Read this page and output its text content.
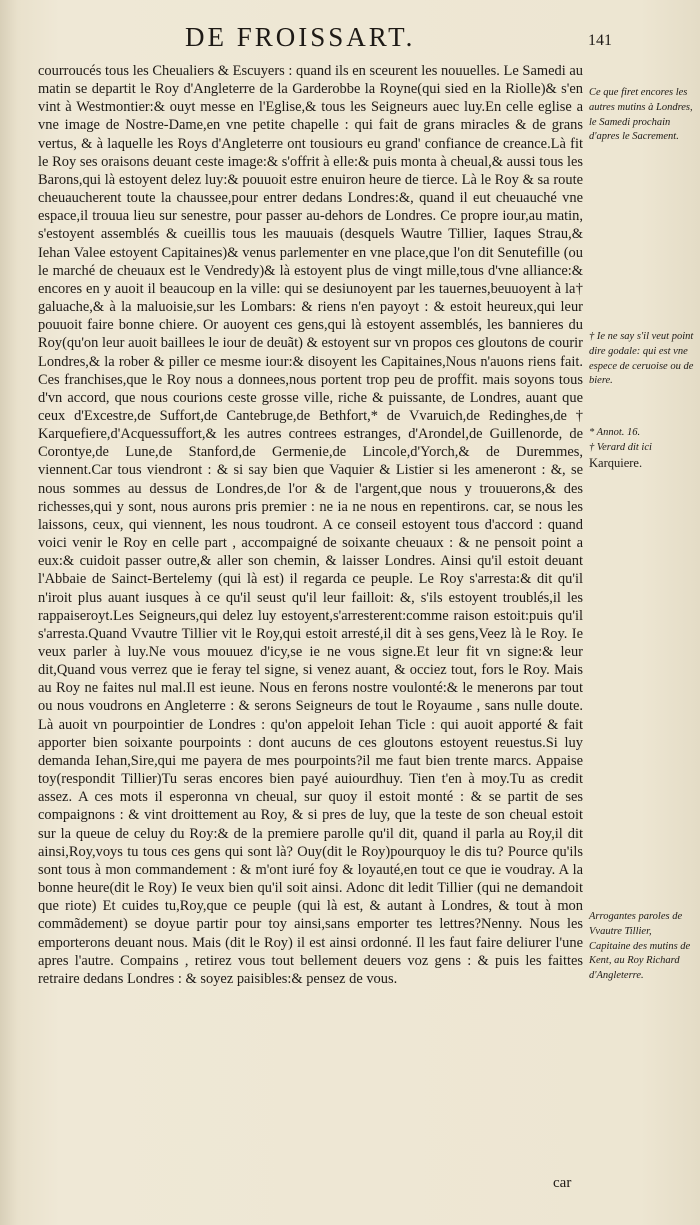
DE FROISSART.	141

courroucés tous les Cheualiers & Escuyers : quand ils en sceurent les nouuelles. Le Samedi au matin se departit le Roy d'Angleterre de la Garderobbe la Royne(qui sied en la Riolle)& s'en vint à Westmontier:& ouyt messe en l'Eglise,& tous les Seigneurs auec luy.En celle eglise a vne image de Nostre-Dame,en vne petite chapelle : qui fait de grans miracles & de grans vertus, & à laquelle les Roys d'Angleterre ont tousiours eu grand' confiance de creance.Là fit le Roy ses oraisons deuant ceste image:& s'offrit à elle:& puis monta à cheual,& aussi tous les Barons,qui là estoyent delez luy:& pouuoit estre enuiron heure de tierce. Là le Roy & sa route cheuaucherent toute la chaussee,pour entrer dedans Londres:&, quand il eut cheuauché vne espace,il trouua lieu sur senestre, pour passer au-dehors de Londres. Ce propre iour,au matin, s'estoyent assemblés & cueillis tous les mauuais (desquels Wautre Tillier, Iaques Strau,& Iehan Valee estoyent Capitaines)& venus parlementer en vne place,que l'on dit Senutefille (ou le marché de cheuaux est le Vendredy)& là estoyent plus de vingt mille,tous d'vne alliance:& encores en y auoit il beaucoup en la ville: qui se desiunoyent par les tauernes,beuuoyent à la† galuache,& à la maluoisie,sur les Lombars: & riens n'en payoyt : & estoit heureux,qui leur pouuoit faire bonne chiere. Or auoyent ces gens,qui là estoyent assemblés, les bannieres du Roy(qu'on leur auoit baillees le iour de deuãt) & estoyent sur vn propos ces gloutons de courir Londres,& la rober & piller ce mesme iour:& disoyent les Capitaines,Nous n'auons riens fait. Ces franchises,que le Roy nous a donnees,nous portent trop peu de proffit. mais soyons tous d'vn accord, que nous courions ceste grosse ville, riche & puissante, de Londres, auant que ceux d'Excestre,de Suffort,de Cantebruge,de Bethfort,* de Vvaruich,de Redinghes,de † Karquefiere,d'Acquessuffort,& les autres contrees estranges, d'Arondel,de Guillenorde, de Corontye,de Lune,de Stanford,de Germenie,de Lincole,d'Yorch,& de Duremmes, viennent.Car tous viendront : & si say bien que Vaquier & Listier si les amenеront : &, se nous sommes au dessus de Londres,de l'or & de l'argent,que nous y trouuerons,& des richesses,qui y sont, nous aurons pris premier : ne ia ne nous en repentirons. car, se nous les laissons, ceux, qui viennent, les nous toudront. A ce conseil estoyent tous d'accord : quand voici venir le Roy en celle part , accompaigné de soixante cheuaux : & ne pensoit point a eux:& cuidoit passer outre,& aller son chemin, & laisser Londres. Ainsi qu'il estoit deuant l'Abbaie de Sainct-Bertelemy (qui là est) il regarda ce peuple. Le Roy s'arresta:& dit qu'il n'iroit plus auant iusques à ce qu'il seust qu'il leur failloit: &, s'ils estoyent troublés,il les rappaiseroyt.Les Seigneurs,qui delez luy estoyent,s'arresterent:comme raison estoit:puis qu'il s'arresta.Quand Vvautre Tillier vit le Roy,qui estoit arresté,il dit à ses gens,Veez là le Roy. Ie veux parler à luy.Ne vous mouuez d'icy,se ie ne vous signe.Et leur fit vn signe:& leur dit,Quand vous verrez que ie feray tel signe, si venez auant, & occiez tout, fors le Roy. Mais au Roy ne faites nul mal.Il est ieune. Nous en ferons nostre voulonté:& le menerons par tout ou nous voudrons en Angleterre : & serons Seigneurs de tout le Royaume , sans nulle doute. Là auoit vn pourpointier de Londres : qu'on appeloit Iehan Ticle : qui auoit apporté & fait apporter bien soixante pourpoints : dont aucuns de ces gloutons estoyent reuestus.Si luy demanda Iehan,Sire,qui me payera de mes pourpoints?il me faut bien trente marcs. Appaise toy(respondit Tillier)Tu seras encores bien payé auiourdhuy. Tien t'en à moy.Tu as credit assez. A ces mots il esperonna vn cheual, sur quoy il estoit monté : & se partit de ses compaignons : & vint droittement au Roy, & si pres de luy, que la teste de son cheual estoit sur la queue de celuy du Roy:& de la premiere parolle qu'il dit, quand il parla au Roy,il dit ainsi,Roy,voys tu tous ces gens qui sont là? Ouy(dit le Roy)pourquoy le dis tu? Pource qu'ils sont tous à mon commandement : & m'ont iuré foy & loyauté,en tout ce que ie voudray. A la bonne heure(dit le Roy) Ie veux bien qu'il soit ainsi. Adonc dit ledit Tillier (qui ne demandoit que riote) Et cuides tu,Roy,que ce peuple (qui là est, & autant à Londres, & tout à mon commãdement) se doyue partir pour toy ainsi,sans emporter tes lettres?Nenny. Nous les emporterons deuant nous. Mais (dit le Roy) il est ainsi ordonné. Il les faut faire deliurer l'une apres l'autre. Compains , retirez vous tout bellement deuers voz gens : & puis les faittes retraire dedans Londres : & soyez paisibles:& pensez de vous.

car
Ce que firet encores les autres mutins à Londres, le Samedi prochain d'apres le Sacrement.
† Ie ne say s'il veut point dire godale: qui est vne espece de ceruoise ou de biere.
* Annot. 16.
† Verard dit ici
Karquiere.
Arrogantes paroles de Vvautre Tillier, Capitaine des mutins de Kent, au Roy Richard d'Angleterre.
